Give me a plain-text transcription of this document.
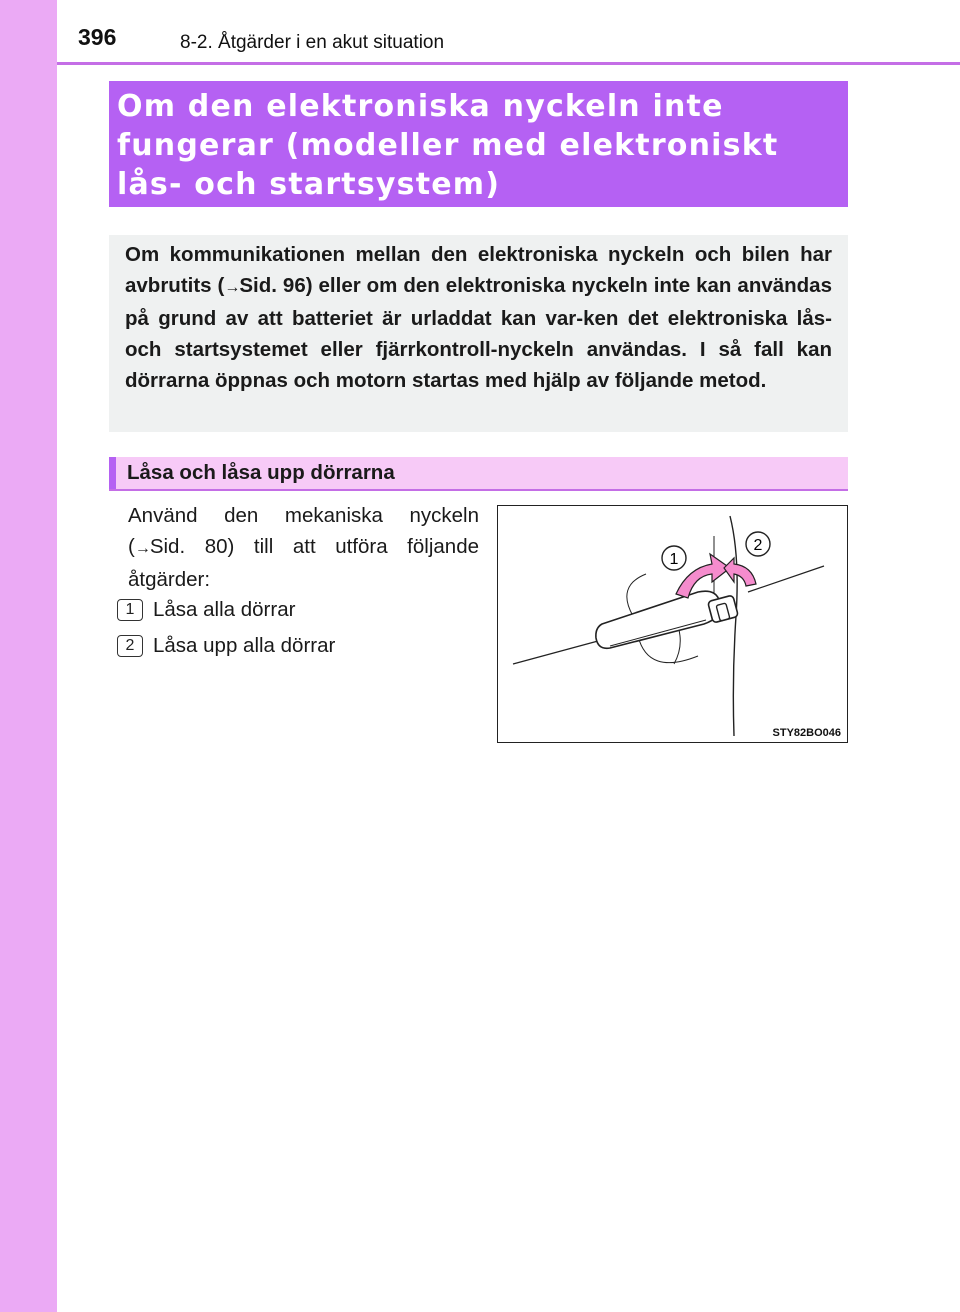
396	8-2. Åtgärder i en akut situation
Om den elektroniska nyckeln inte fungerar (modeller med elektroniskt lås- och startsystem)

Om kommunikationen mellan den elektroniska nyckeln och bilen har avbrutits (→Sid. 96) eller om den elektroniska nyckeln inte kan användas på grund av att batteriet är urladdat kan var-ken det elektroniska lås- och startsystemet eller fjärrkontroll-nyckeln användas. I så fall kan dörrarna öppnas och motorn startas med hjälp av följande metod.

Låsa och låsa upp dörrarna

Använd den mekaniska nyckeln (→Sid. 80) till att utföra följande åtgärder:

1 Låsa alla dörrar
2 Låsa upp alla dörrar
1
2
STY82BO046
